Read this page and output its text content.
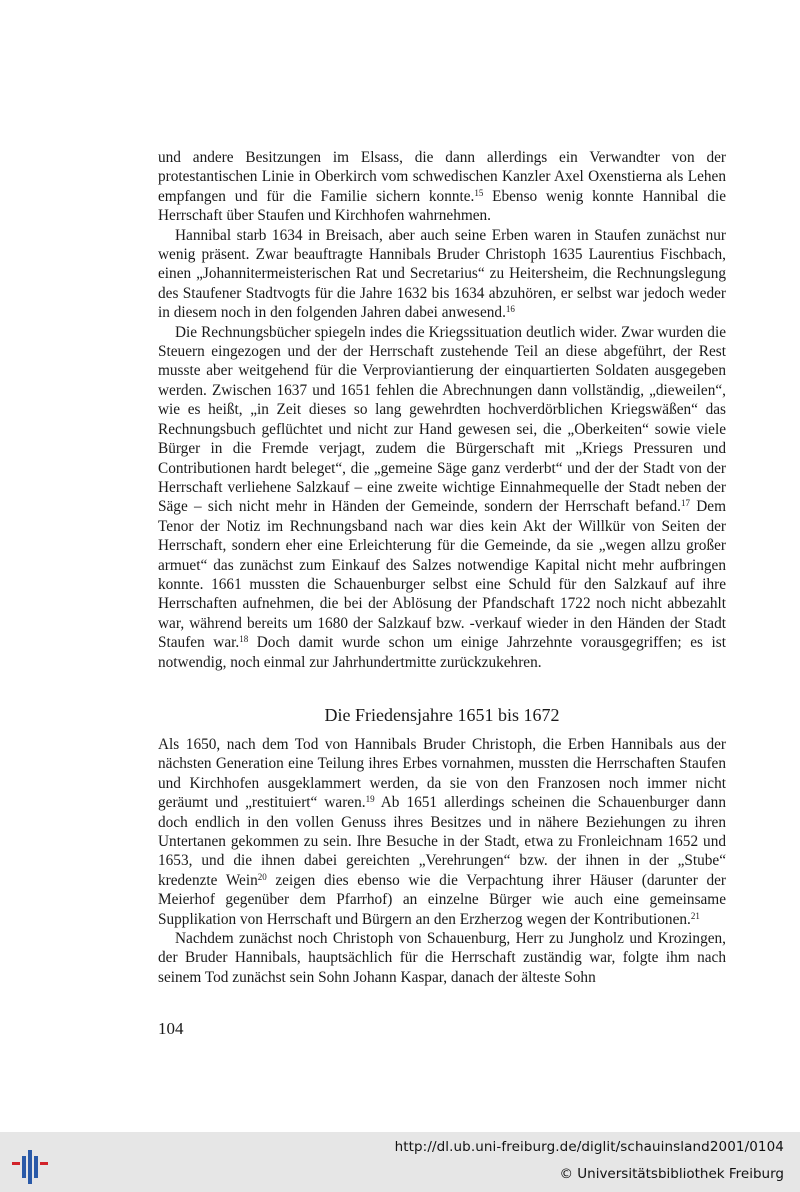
und andere Besitzungen im Elsass, die dann allerdings ein Verwandter von der protestantischen Linie in Oberkirch vom schwedischen Kanzler Axel Oxenstierna als Lehen empfangen und für die Familie sichern konnte.$^{15}$ Ebenso wenig konnte Hannibal die Herrschaft über Staufen und Kirchhofen wahrnehmen.

Hannibal starb 1634 in Breisach, aber auch seine Erben waren in Staufen zunächst nur wenig präsent. Zwar beauftragte Hannibals Bruder Christoph 1635 Laurentius Fischbach, einen „Johannitermeisterischen Rat und Secretarius“ zu Heitersheim, die Rechnungslegung des Staufener Stadtvogts für die Jahre 1632 bis 1634 abzuhören, er selbst war jedoch weder in diesem noch in den folgenden Jahren dabei anwesend.$^{16}$

Die Rechnungsbücher spiegeln indes die Kriegssituation deutlich wider. Zwar wurden die Steuern eingezogen und der der Herrschaft zustehende Teil an diese abgeführt, der Rest musste aber weitgehend für die Verproviantierung der einquartierten Soldaten ausgegeben werden. Zwischen 1637 und 1651 fehlen die Abrechnungen dann vollständig, „dieweilen“, wie es heißt, „in Zeit dieses so lang gewehrdten hochverdörblichen Kriegswäßen“ das Rechnungsbuch geflüchtet und nicht zur Hand gewesen sei, die „Oberkeiten“ sowie viele Bürger in die Fremde verjagt, zudem die Bürgerschaft mit „Kriegs Pressuren und Contributionen hardt beleget“, die „gemeine Säge ganz verderbt“ und der der Stadt von der Herrschaft verliehene Salzkauf – eine zweite wichtige Einnahmequelle der Stadt neben der Säge – sich nicht mehr in Händen der Gemeinde, sondern der Herrschaft befand.$^{17}$ Dem Tenor der Notiz im Rechnungsband nach war dies kein Akt der Willkür von Seiten der Herrschaft, sondern eher eine Erleichterung für die Gemeinde, da sie „wegen allzu großer armuet“ das zunächst zum Einkauf des Salzes notwendige Kapital nicht mehr aufbringen konnte. 1661 mussten die Schauenburger selbst eine Schuld für den Salzkauf auf ihre Herrschaften aufnehmen, die bei der Ablösung der Pfandschaft 1722 noch nicht abbezahlt war, während bereits um 1680 der Salzkauf bzw. -verkauf wieder in den Händen der Stadt Staufen war.$^{18}$ Doch damit wurde schon um einige Jahrzehnte vorausgegriffen; es ist notwendig, noch einmal zur Jahrhundertmitte zurückzukehren.

Die Friedensjahre 1651 bis 1672

Als 1650, nach dem Tod von Hannibals Bruder Christoph, die Erben Hannibals aus der nächsten Generation eine Teilung ihres Erbes vornahmen, mussten die Herrschaften Staufen und Kirchhofen ausgeklammert werden, da sie von den Franzosen noch immer nicht geräumt und „restituiert“ waren.$^{19}$ Ab 1651 allerdings scheinen die Schauenburger dann doch endlich in den vollen Genuss ihres Besitzes und in nähere Beziehungen zu ihren Untertanen gekommen zu sein. Ihre Besuche in der Stadt, etwa zu Fronleichnam 1652 und 1653, und die ihnen dabei gereichten „Verehrungen“ bzw. der ihnen in der „Stube“ kredenzte Wein$^{20}$ zeigen dies ebenso wie die Verpachtung ihrer Häuser (darunter der Meierhof gegenüber dem Pfarrhof) an einzelne Bürger wie auch eine gemeinsame Supplikation von Herrschaft und Bürgern an den Erzherzog wegen der Kontributionen.$^{21}$

Nachdem zunächst noch Christoph von Schauenburg, Herr zu Jungholz und Krozingen, der Bruder Hannibals, hauptsächlich für die Herrschaft zuständig war, folgte ihm nach seinem Tod zunächst sein Sohn Johann Kaspar, danach der älteste Sohn

104
http://dl.ub.uni-freiburg.de/diglit/schauinsland2001/0104
© Universitätsbibliothek Freiburg
